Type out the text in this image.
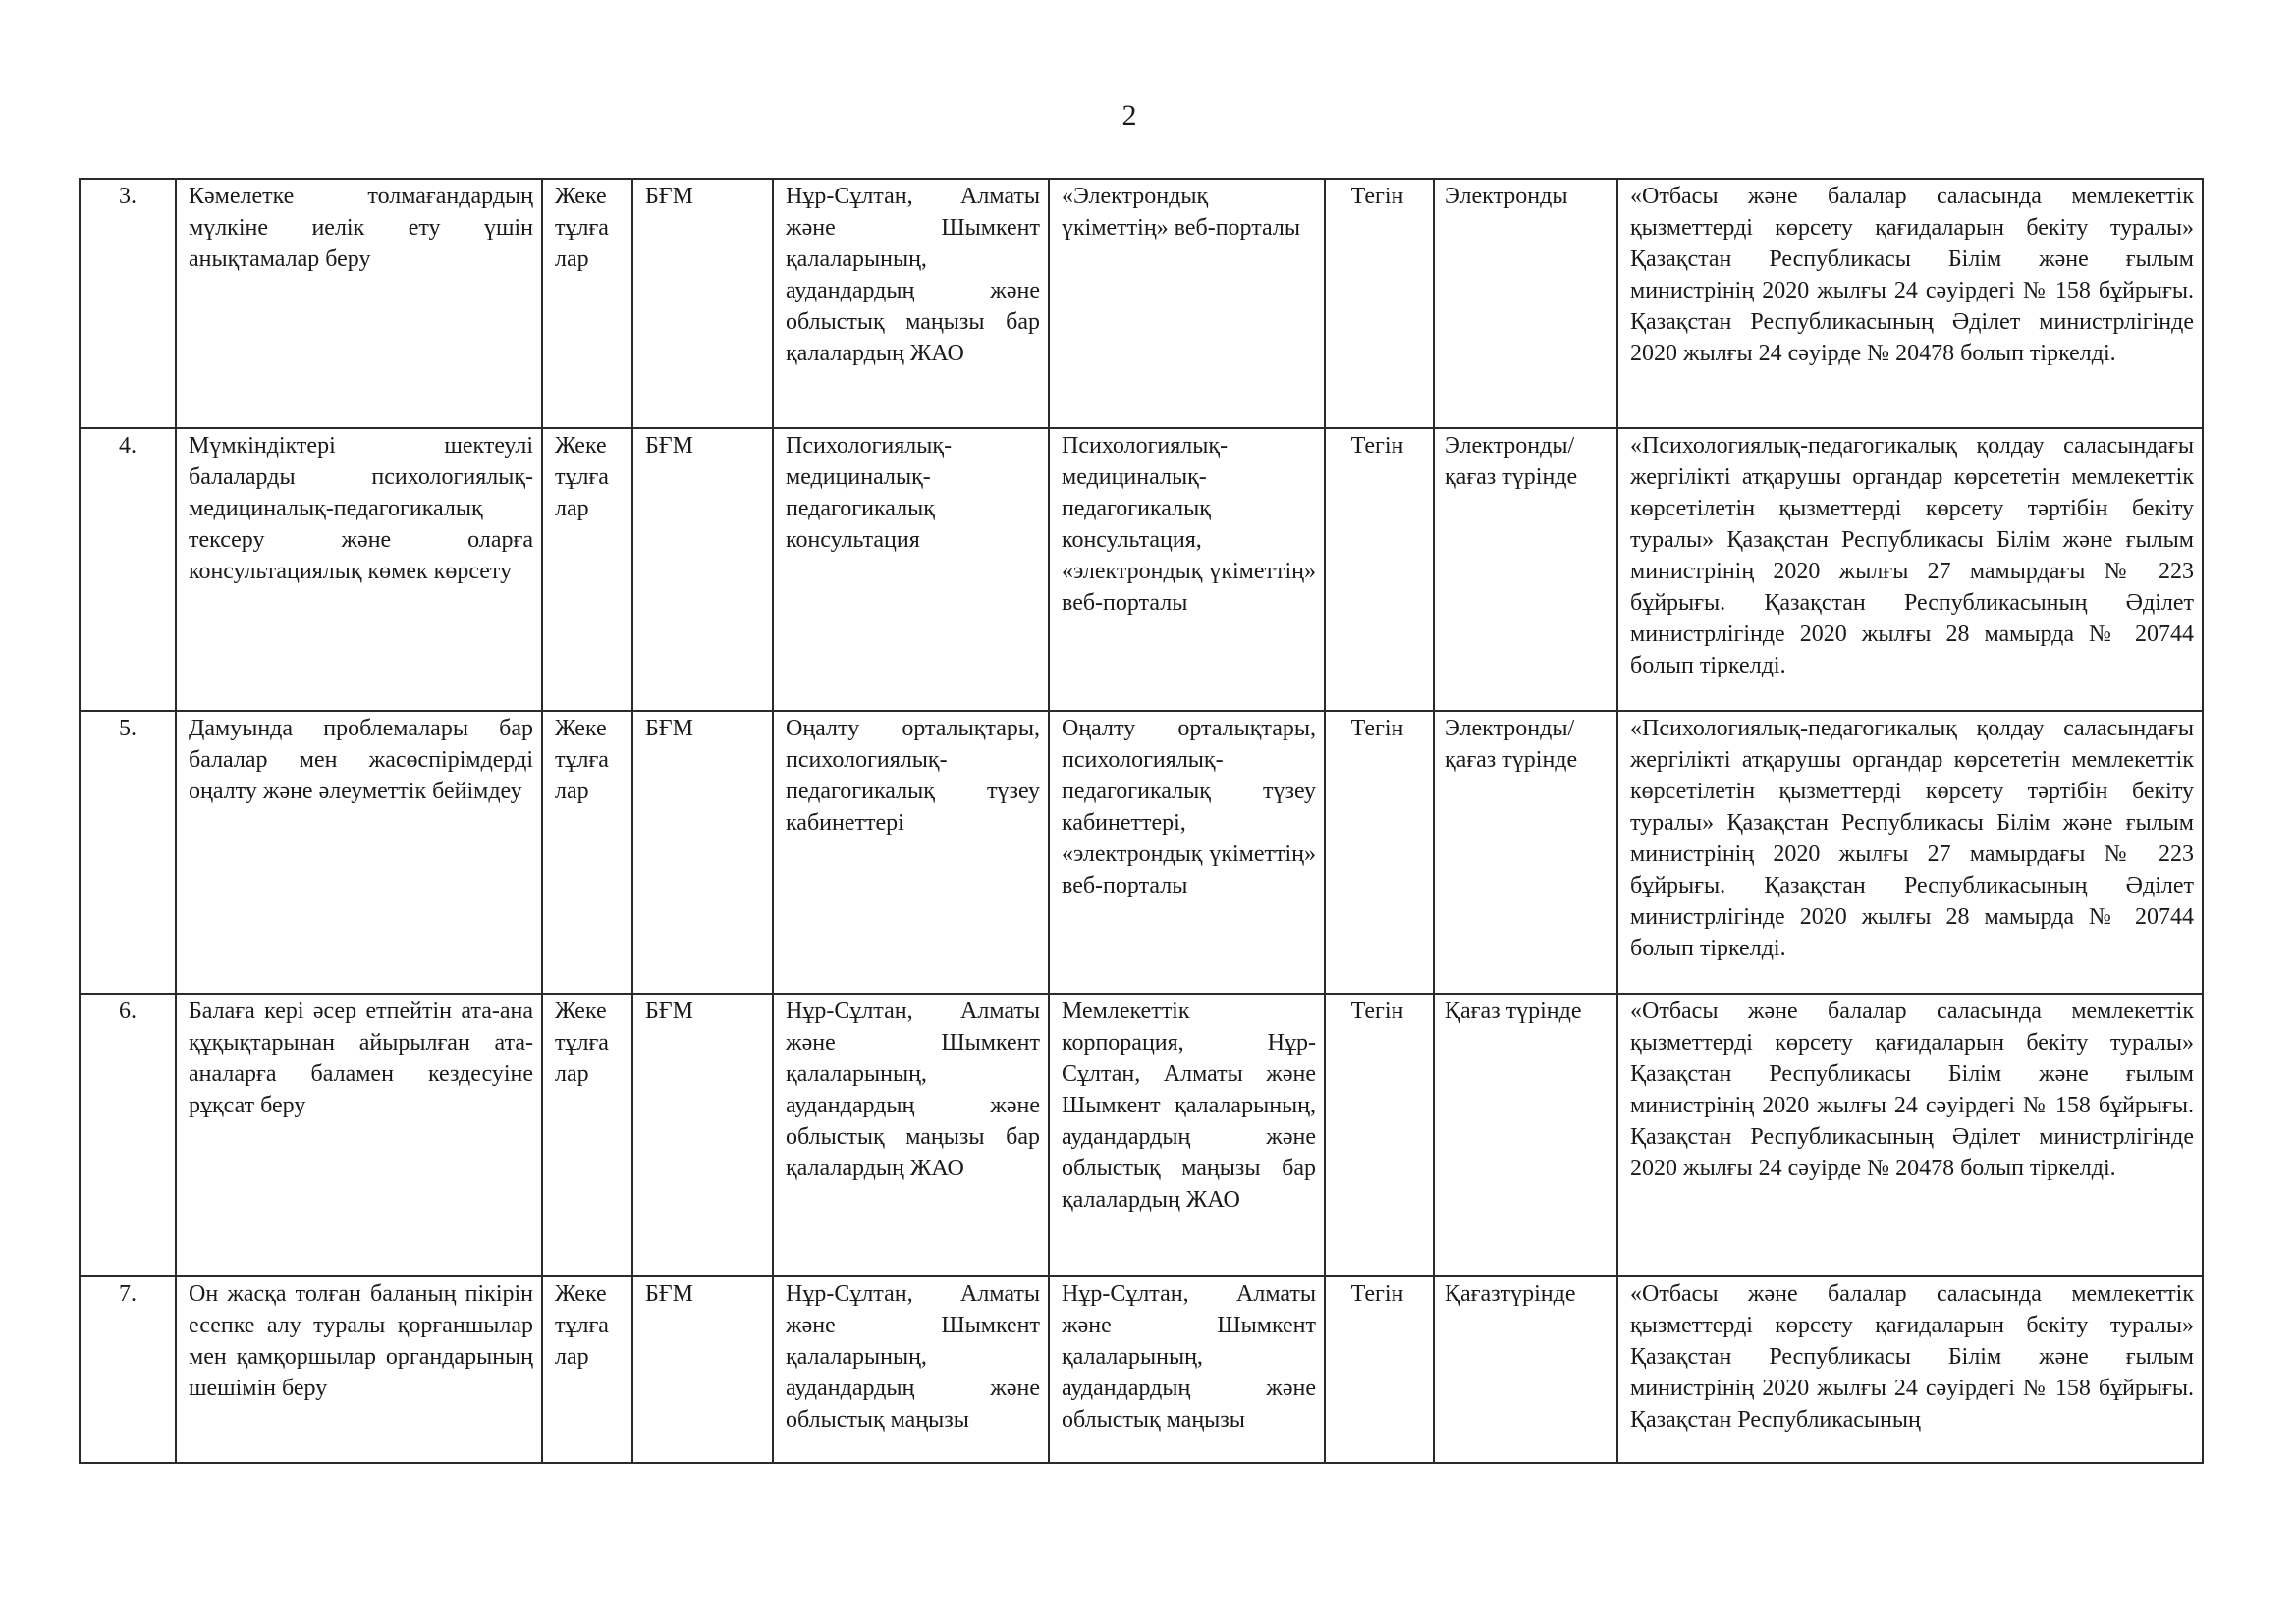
2
3.	Кәмелетке толмағандардың мүлкіне иелік ету үшін анықтамалар беру	Жеке тұлға лар	БҒМ	Нұр-Сұлтан, Алматы және Шымкент қалаларының, аудандардың және облыстық маңызы бар қалалардың ЖАО	«Электрондық үкіметтің» веб-порталы	Тегін	Электронды	«Отбасы және балалар саласында мемлекеттік қызметтерді көрсету қағидаларын бекіту туралы» Қазақстан Республикасы Білім және ғылым министрінің 2020 жылғы 24 сәуірдегі № 158 бұйрығы. Қазақстан Республикасының Әділет министрлігінде 2020 жылғы 24 сәуірде № 20478 болып тіркелді.
4.	Мүмкіндіктері шектеулі балаларды психологиялық-медициналық-педагогикалық тексеру және оларға консультациялық көмек көрсету	Жеке тұлға лар	БҒМ	Психологиялық-медициналық-педагогикалық консультация	Психологиялық-медициналық-педагогикалық консультация, «электрондық үкіметтің» веб-порталы	Тегін	Электронды/ қағаз түрінде	«Психологиялық-педагогикалық қолдау саласындағы жергілікті атқарушы органдар көрсететін мемлекеттік көрсетілетін қызметтерді көрсету тәртібін бекіту туралы» Қазақстан Республикасы Білім және ғылым министрінің 2020 жылғы 27 мамырдағы № 223 бұйрығы. Қазақстан Республикасының Әділет министрлігінде 2020 жылғы 28 мамырда № 20744 болып тіркелді.
5.	Дамуында проблемалары бар балалар мен жасөспірімдерді оңалту және әлеуметтік бейімдеу	Жеке тұлға лар	БҒМ	Оңалту орталықтары, психологиялық-педагогикалық түзеу кабинеттері	Оңалту орталықтары, психологиялық-педагогикалық түзеу кабинеттері, «электрондық үкіметтің» веб-порталы	Тегін	Электронды/ қағаз түрінде	«Психологиялық-педагогикалық қолдау саласындағы жергілікті атқарушы органдар көрсететін мемлекеттік көрсетілетін қызметтерді көрсету тәртібін бекіту туралы» Қазақстан Республикасы Білім және ғылым министрінің 2020 жылғы 27 мамырдағы № 223 бұйрығы. Қазақстан Республикасының Әділет министрлігінде 2020 жылғы 28 мамырда № 20744 болып тіркелді.
6.	Балаға кері әсер етпейтін ата-ана құқықтарынан айырылған ата-аналарға баламен кездесуіне рұқсат беру	Жеке тұлға лар	БҒМ	Нұр-Сұлтан, Алматы және Шымкент қалаларының, аудандардың және облыстық маңызы бар қалалардың ЖАО	Мемлекеттік корпорация, Нұр-Сұлтан, Алматы және Шымкент қалаларының, аудандардың және облыстық маңызы бар қалалардың ЖАО	Тегін	Қағаз түрінде	«Отбасы және балалар саласында мемлекеттік қызметтерді көрсету қағидаларын бекіту туралы» Қазақстан Республикасы Білім және ғылым министрінің 2020 жылғы 24 сәуірдегі № 158 бұйрығы. Қазақстан Республикасының Әділет министрлігінде 2020 жылғы 24 сәуірде № 20478 болып тіркелді.
7.	Он жасқа толған баланың пікірін есепке алу туралы қорғаншылар мен қамқоршылар органдарының шешімін беру	Жеке тұлға лар	БҒМ	Нұр-Сұлтан, Алматы және Шымкент қалаларының, аудандардың және облыстық маңызы	Нұр-Сұлтан, Алматы және Шымкент қалаларының, аудандардың және облыстық маңызы	Тегін	Қағазтүрінде	«Отбасы және балалар саласында мемлекеттік қызметтерді көрсету қағидаларын бекіту туралы» Қазақстан Республикасы Білім және ғылым министрінің 2020 жылғы 24 сәуірдегі № 158 бұйрығы. Қазақстан Республикасының
